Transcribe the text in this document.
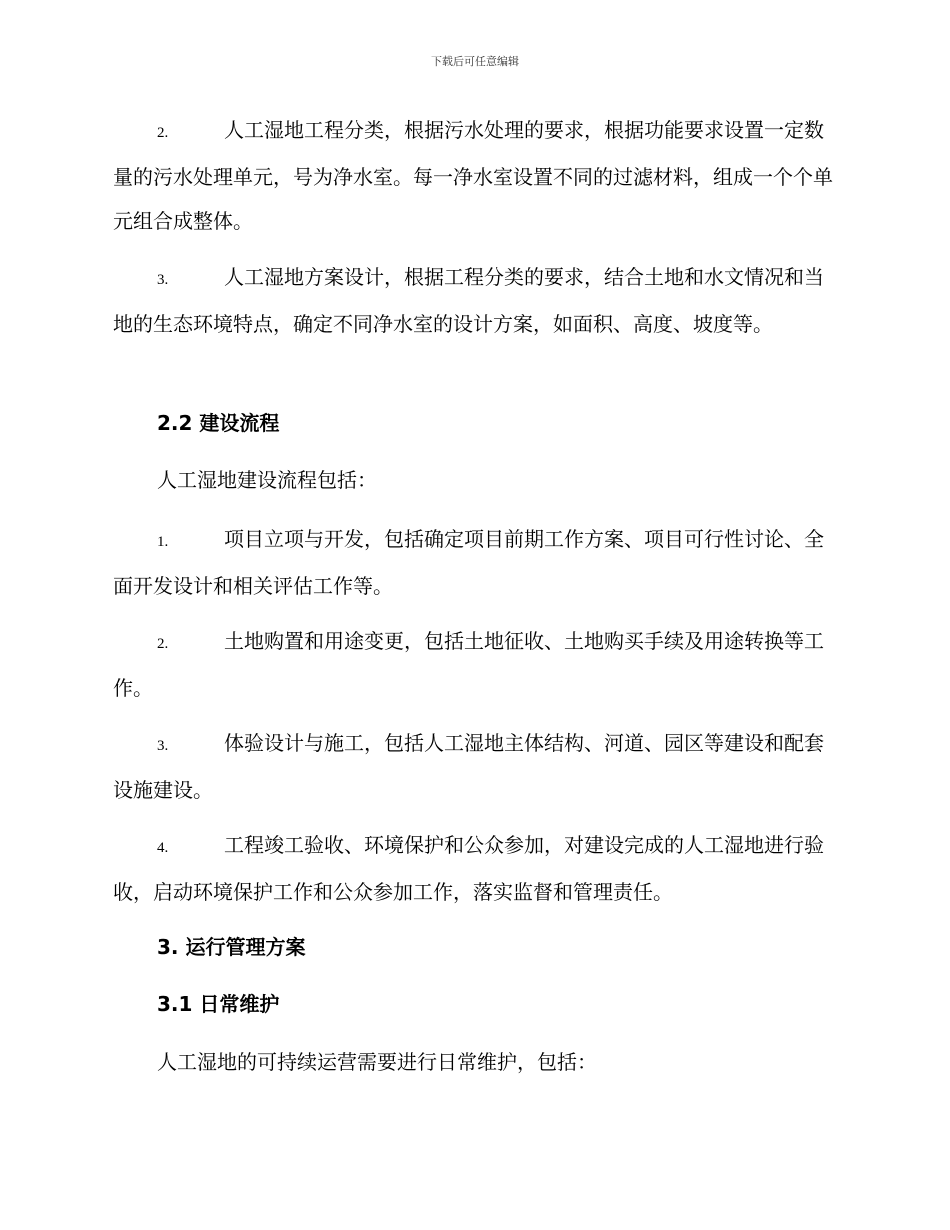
下载后可任意编辑
2.	人工湿地工程分类，根据污水处理的要求，根据功能要求设置一定数量的污水处理单元，号为净水室。每一净水室设置不同的过滤材料，组成一个个单元组合成整体。
3.	人工湿地方案设计，根据工程分类的要求，结合土地和水文情况和当地的生态环境特点，确定不同净水室的设计方案，如面积、高度、坡度等。
2.2 建设流程
人工湿地建设流程包括：
1.	项目立项与开发，包括确定项目前期工作方案、项目可行性讨论、全面开发设计和相关评估工作等。
2.	土地购置和用途变更，包括土地征收、土地购买手续及用途转换等工作。
3.	体验设计与施工，包括人工湿地主体结构、河道、园区等建设和配套设施建设。
4.	工程竣工验收、环境保护和公众参加，对建设完成的人工湿地进行验收，启动环境保护工作和公众参加工作，落实监督和管理责任。
3. 运行管理方案
3.1 日常维护
人工湿地的可持续运营需要进行日常维护，包括：
